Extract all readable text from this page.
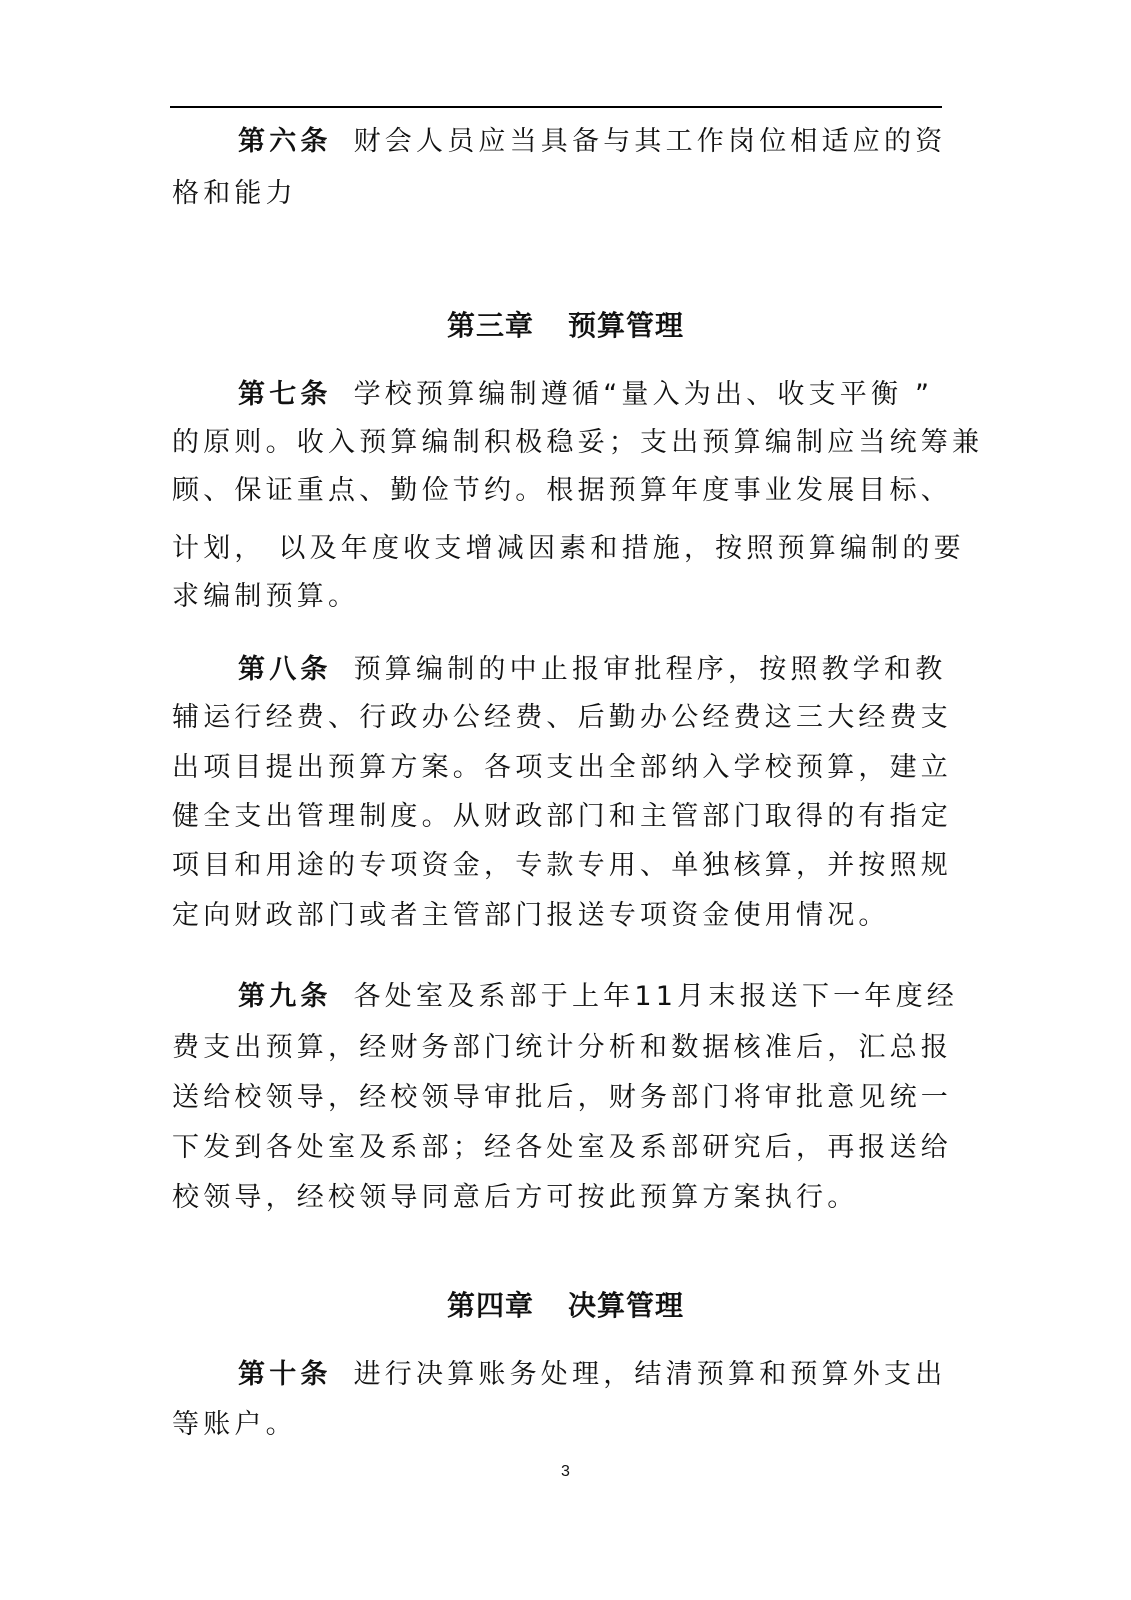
第六条 财会人员应当具备与其工作岗位相适应的资
格和能力
第三章 预算管理
第七条 学校预算编制遵循“量入为出、收支平衡 ”
的原则。收入预算编制积极稳妥；支出预算编制应当统筹兼
顾、保证重点、勤俭节约。根据预算年度事业发展目标、
计划， 以及年度收支增减因素和措施，按照预算编制的要
求编制预算。
第八条 预算编制的中止报审批程序，按照教学和教
辅运行经费、行政办公经费、后勤办公经费这三大经费支
出项目提出预算方案。各项支出全部纳入学校预算，建立
健全支出管理制度。从财政部门和主管部门取得的有指定
项目和用途的专项资金，专款专用、单独核算，并按照规
定向财政部门或者主管部门报送专项资金使用情况。
第九条 各处室及系部于上年11月末报送下一年度经
费支出预算，经财务部门统计分析和数据核准后，汇总报
送给校领导，经校领导审批后，财务部门将审批意见统一
下发到各处室及系部；经各处室及系部研究后，再报送给
校领导，经校领导同意后方可按此预算方案执行。
第四章 决算管理
第十条 进行决算账务处理，结清预算和预算外支出
等账户。
3
